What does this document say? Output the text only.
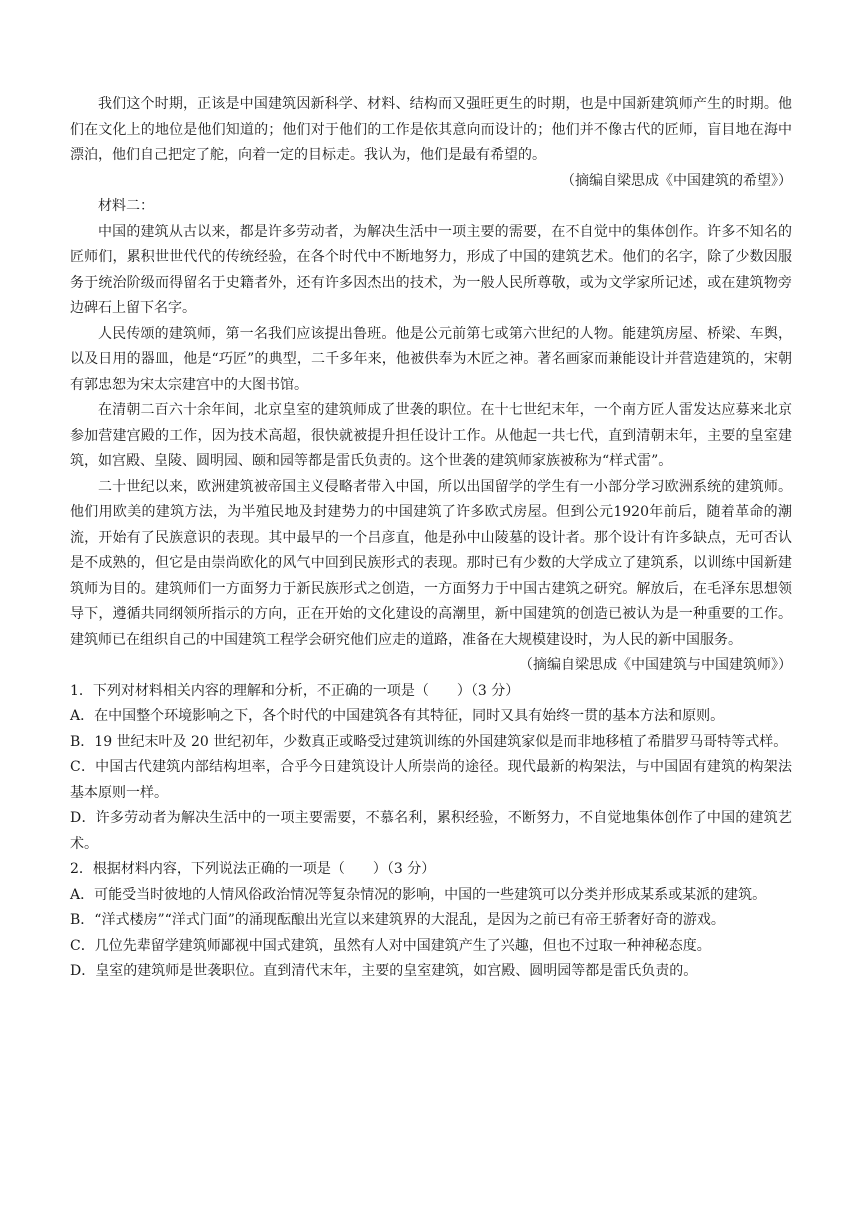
我们这个时期，正该是中国建筑因新科学、材料、结构而又强旺更生的时期，也是中国新建筑师产生的时期。他们在文化上的地位是他们知道的；他们对于他们的工作是依其意向而设计的；他们并不像古代的匠师，盲目地在海中漂泊，他们自己把定了舵，向着一定的目标走。我认为，他们是最有希望的。

（摘编自梁思成《中国建筑的希望》）

材料二：

中国的建筑从古以来，都是许多劳动者，为解决生活中一项主要的需要，在不自觉中的集体创作。许多不知名的匠师们，累积世世代代的传统经验，在各个时代中不断地努力，形成了中国的建筑艺术。他们的名字，除了少数因服务于统治阶级而得留名于史籍者外，还有许多因杰出的技术，为一般人民所尊敬，或为文学家所记述，或在建筑物旁边碑石上留下名字。

人民传颂的建筑师，第一名我们应该提出鲁班。他是公元前第七或第六世纪的人物。能建筑房屋、桥梁、车舆，以及日用的器皿，他是“巧匠”的典型，二千多年来，他被供奉为木匠之神。著名画家而兼能设计并营造建筑的，宋朝有郭忠恕为宋太宗建宫中的大图书馆。

在清朝二百六十余年间，北京皇室的建筑师成了世袭的职位。在十七世纪末年，一个南方匠人雷发达应募来北京参加营建宫殿的工作，因为技术高超，很快就被提升担任设计工作。从他起一共七代，直到清朝末年，主要的皇室建筑，如宫殿、皇陵、圆明园、颐和园等都是雷氏负责的。这个世袭的建筑师家族被称为“样式雷”。

二十世纪以来，欧洲建筑被帝国主义侵略者带入中国，所以出国留学的学生有一小部分学习欧洲系统的建筑师。他们用欧美的建筑方法，为半殖民地及封建势力的中国建筑了许多欧式房屋。但到公元1920年前后，随着革命的潮流，开始有了民族意识的表现。其中最早的一个吕彦直，他是孙中山陵墓的设计者。那个设计有许多缺点，无可否认是不成熟的，但它是由崇尚欧化的风气中回到民族形式的表现。那时已有少数的大学成立了建筑系，以训练中国新建筑师为目的。建筑师们一方面努力于新民族形式之创造，一方面努力于中国古建筑之研究。解放后，在毛泽东思想领导下，遵循共同纲领所指示的方向，正在开始的文化建设的高潮里，新中国建筑的创造已被认为是一种重要的工作。建筑师已在组织自己的中国建筑工程学会研究他们应走的道路，准备在大规模建设时，为人民的新中国服务。

（摘编自梁思成《中国建筑与中国建筑师》）

1．下列对材料相关内容的理解和分析，不正确的一项是（　　）（3 分）

A．在中国整个环境影响之下，各个时代的中国建筑各有其特征，同时又具有始终一贯的基本方法和原则。

B．19 世纪末叶及 20 世纪初年，少数真正或略受过建筑训练的外国建筑家似是而非地移植了希腊罗马哥特等式样。

C．中国古代建筑内部结构坦率，合乎今日建筑设计人所崇尚的途径。现代最新的构架法，与中国固有建筑的构架法基本原则一样。

D．许多劳动者为解决生活中的一项主要需要，不慕名利，累积经验，不断努力，不自觉地集体创作了中国的建筑艺术。

2．根据材料内容，下列说法正确的一项是（　　）（3 分）

A．可能受当时彼地的人情风俗政治情况等复杂情况的影响，中国的一些建筑可以分类并形成某系或某派的建筑。

B．“洋式楼房”“洋式门面”的涌现酝酿出光宣以来建筑界的大混乱，是因为之前已有帝王骄奢好奇的游戏。

C．几位先辈留学建筑师鄙视中国式建筑，虽然有人对中国建筑产生了兴趣，但也不过取一种神秘态度。

D．皇室的建筑师是世袭职位。直到清代末年，主要的皇室建筑，如宫殿、圆明园等都是雷氏负责的。
